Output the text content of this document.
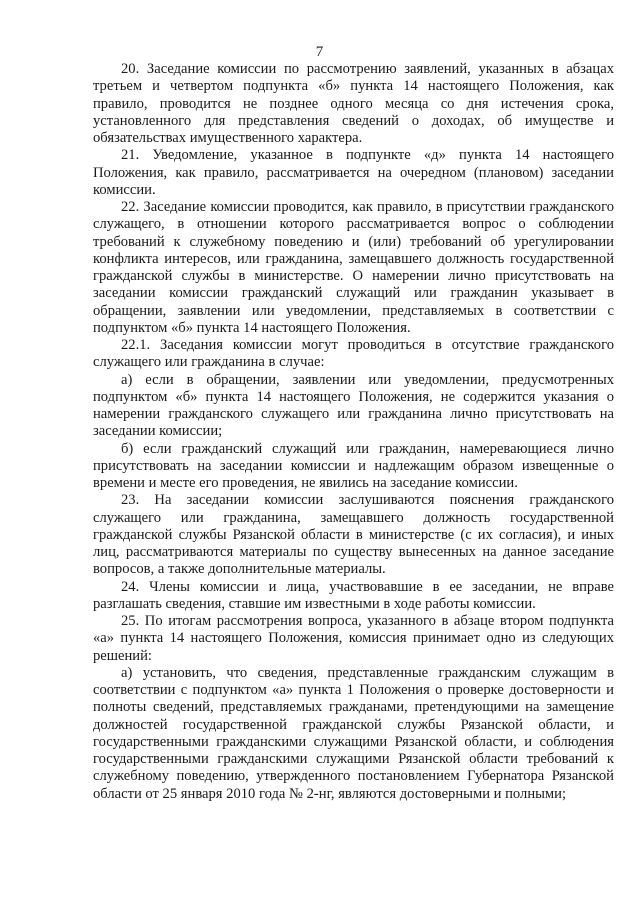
7

20. Заседание комиссии по рассмотрению заявлений, указанных в абзацах третьем и четвертом подпункта «б» пункта 14 настоящего Положения, как правило, проводится не позднее одного месяца со дня истечения срока, установленного для представления сведений о доходах, об имуществе и обязательствах имущественного характера.

21. Уведомление, указанное в подпункте «д» пункта 14 настоящего Положения, как правило, рассматривается на очередном (плановом) заседании комиссии.

22. Заседание комиссии проводится, как правило, в присутствии гражданского служащего, в отношении которого рассматривается вопрос о соблюдении требований к служебному поведению и (или) требований об урегулировании конфликта интересов, или гражданина, замещавшего должность государственной гражданской службы в министерстве. О намерении лично присутствовать на заседании комиссии гражданский служащий или гражданин указывает в обращении, заявлении или уведомлении, представляемых в соответствии с подпунктом «б» пункта 14 настоящего Положения.

22.1. Заседания комиссии могут проводиться в отсутствие гражданского служащего или гражданина в случае:

а) если в обращении, заявлении или уведомлении, предусмотренных подпунктом «б» пункта 14 настоящего Положения, не содержится указания о намерении гражданского служащего или гражданина лично присутствовать на заседании комиссии;

б) если гражданский служащий или гражданин, намеревающиеся лично присутствовать на заседании комиссии и надлежащим образом извещенные о времени и месте его проведения, не явились на заседание комиссии.

23. На заседании комиссии заслушиваются пояснения гражданского служащего или гражданина, замещавшего должность государственной гражданской службы Рязанской области в министерстве (с их согласия), и иных лиц, рассматриваются материалы по существу вынесенных на данное заседание вопросов, а также дополнительные материалы.

24. Члены комиссии и лица, участвовавшие в ее заседании, не вправе разглашать сведения, ставшие им известными в ходе работы комиссии.

25. По итогам рассмотрения вопроса, указанного в абзаце втором подпункта «а» пункта 14 настоящего Положения, комиссия принимает одно из следующих решений:

а) установить, что сведения, представленные гражданским служащим в соответствии с подпунктом «а» пункта 1 Положения о проверке достоверности и полноты сведений, представляемых гражданами, претендующими на замещение должностей государственной гражданской службы Рязанской области, и государственными гражданскими служащими Рязанской области, и соблюдения государственными гражданскими служащими Рязанской области требований к служебному поведению, утвержденного постановлением Губернатора Рязанской области от 25 января 2010 года № 2-нг, являются достоверными и полными;
